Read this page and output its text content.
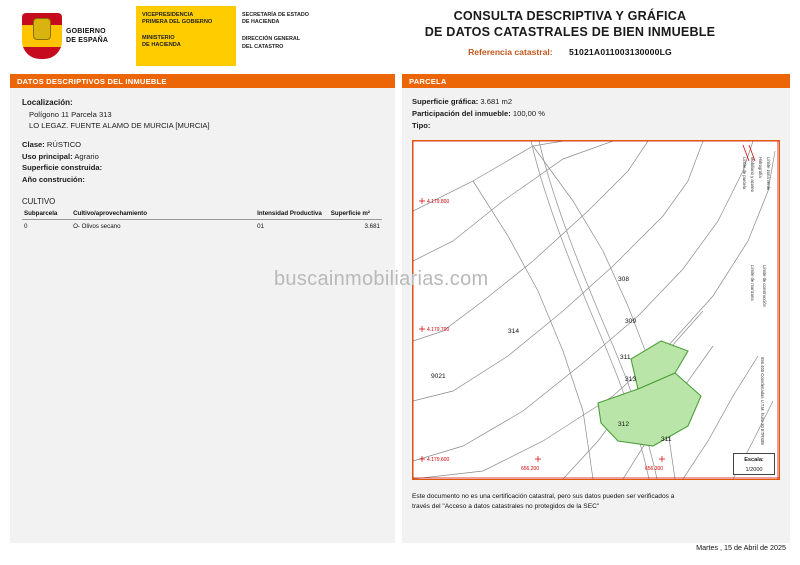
GOBIERNO
DE ESPAÑA
VICEPRESIDENCIA
PRIMERA DEL GOBIERNO
MINISTERIO
DE HACIENDA
SECRETARÍA DE ESTADO
DE HACIENDA
DIRECCIÓN GENERAL
DEL CATASTRO
CONSULTA DESCRIPTIVA Y GRÁFICA
DE DATOS CATASTRALES DE BIEN INMUEBLE
Referencia catastral: 51021A011003130000LG
DATOS DESCRIPTIVOS DEL INMUEBLE	PARCELA
Localización:
Polígono 11 Parcela 313
LO LEGAZ. FUENTE ALAMO DE MURCIA [MURCIA]
Clase: RÚSTICO
Uso principal: Agrario
Superficie construida:
Año construción:
CULTIVO
Subparcela	Cultivo/aprovechamiento	Intensidad Productiva	Superficie m²
0	O- Olivos secano	01	3.681
Superficie gráfica: 3.681 m2
Participación del inmueble: 100,00 %
Tipo:
4.179.800
4.179.700
4.179.600
656.200	656.300
308
309
311
313
312
311
314
9021
Límite de parcela Mobiliario y acoteo Hidrografía Límite zona verde
Límite de manzana Límite de construcción
656.400 Coordenadas U.T.M. huso 30 ETRS89
Escala:
1/2000
Este documento no es una certificación catastral, pero sus datos pueden ser verificados a
través del "Acceso a datos catastrales no protegidos de la SEC"
buscainmobiliarias.com
Martes , 15 de Abril de 2025
